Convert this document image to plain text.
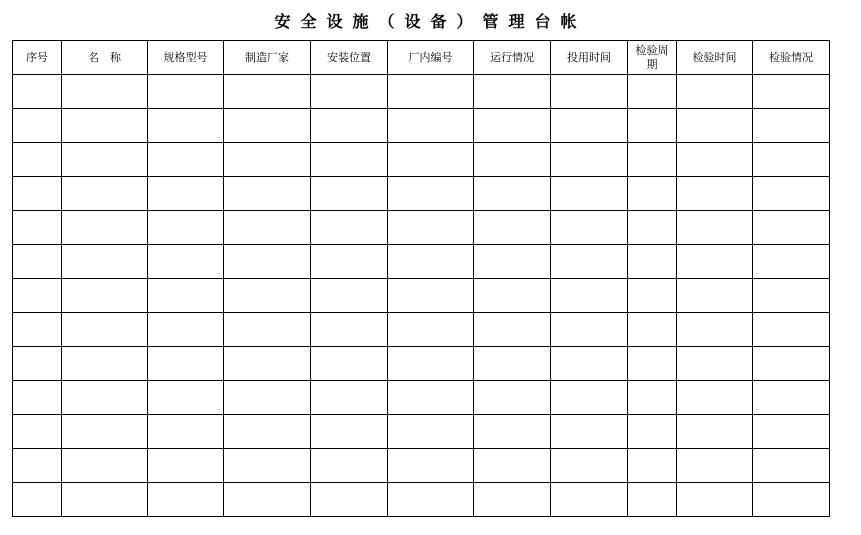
安全设施（设备）管理台帐
序号	名　称	规格型号	制造厂家	安装位置	厂内编号	运行情况	投用时间	检验周期	检验时间	检验情况
